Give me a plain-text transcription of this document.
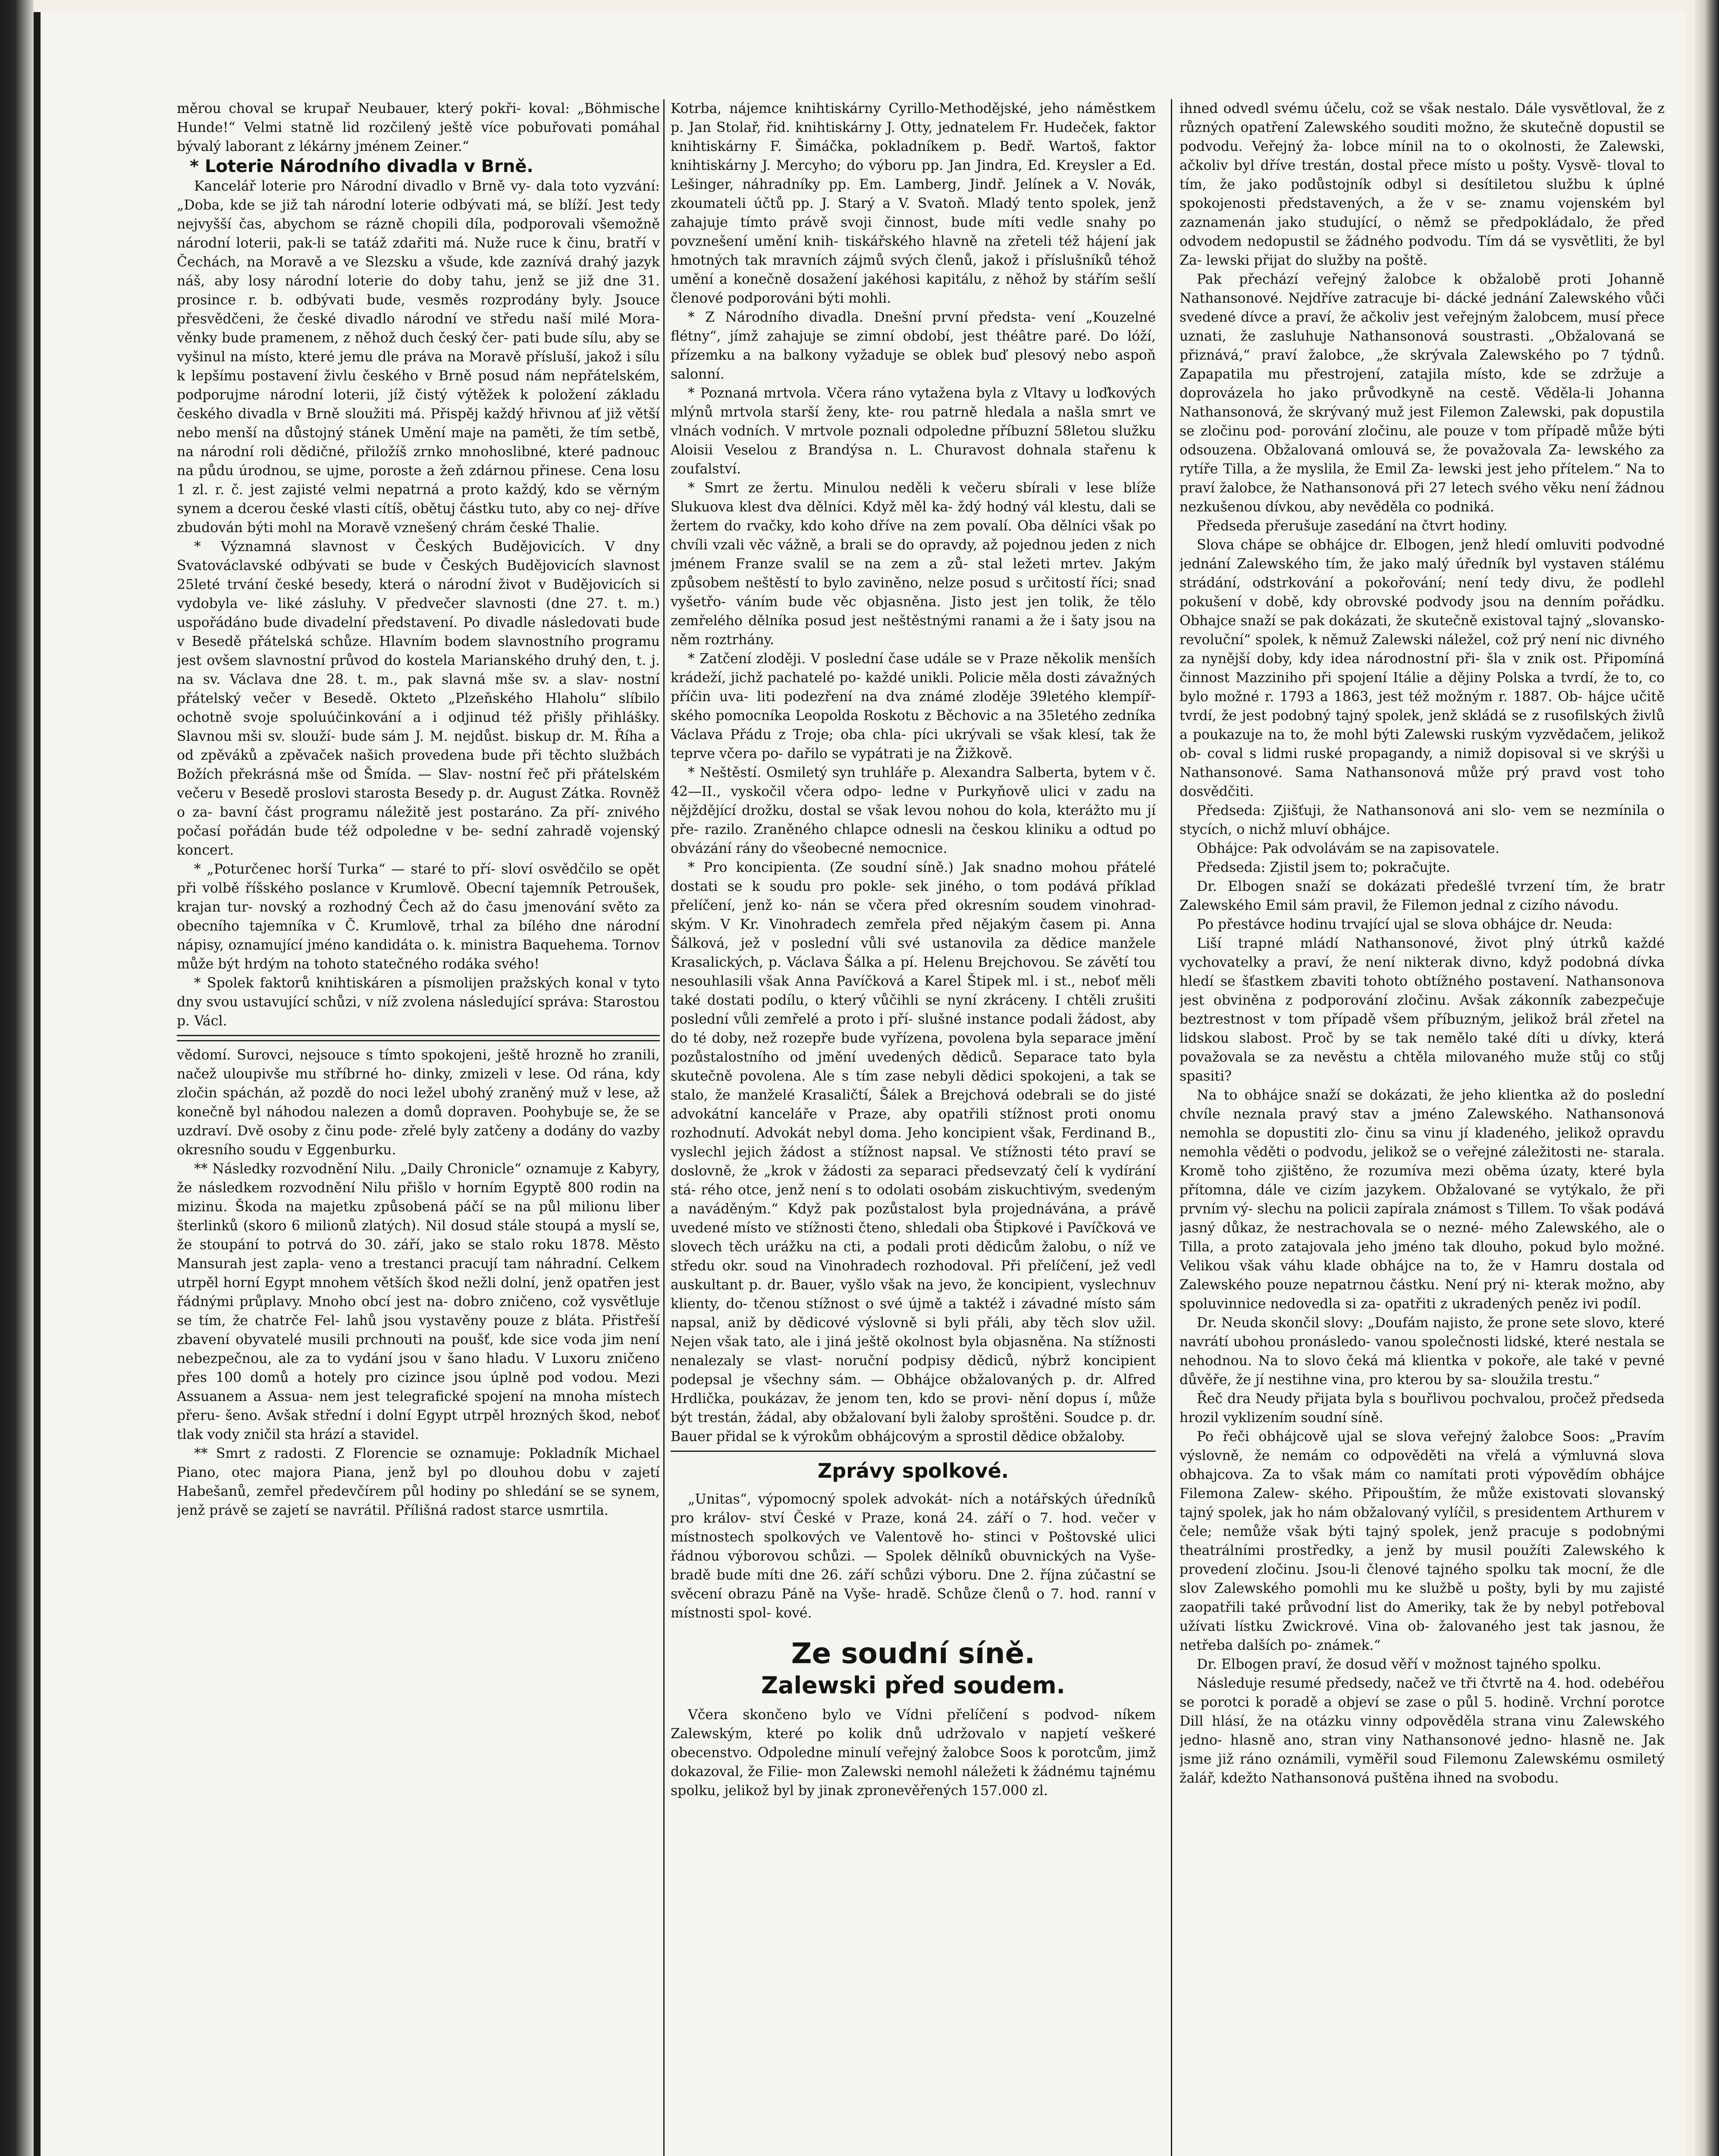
měrou choval se krupař Neubauer, který pokři- koval: „Böhmische Hunde!“ Velmi statně lid rozčilený ještě více pobuřovati pomáhal bývalý laborant z lékárny jménem Zeiner.“

* Loterie Národního divadla v Brně.

Kancelář loterie pro Národní divadlo v Brně vy- dala toto vyzvání: „Doba, kde se již tah národní loterie odbývati má, se blíží. Jest tedy nejvyšší čas, abychom se rázně chopili díla, podporovali všemožně národní loterii, pak-li se tatáž zdařiti má. Nuže ruce k činu, bratří v Čechách, na Moravě a ve Slezsku a všude, kde zaznívá drahý jazyk náš, aby losy národní loterie do doby tahu, jenž se již dne 31. prosince r. b. odbývati bude, vesměs rozprodány byly. Jsouce přesvědčeni, že české divadlo národní ve středu naší milé Mora- věnky bude pramenem, z něhož duch český čer- pati bude sílu, aby se vyšinul na místo, které jemu dle práva na Moravě přísluší, jakož i sílu k lepšímu postavení živlu českého v Brně posud nám nepřátelském, podporujme národní loterii, jíž čistý výtěžek k položení základu českého divadla v Brně sloužiti má. Přispěj každý hřivnou ať již větší nebo menší na důstojný stánek Umění maje na paměti, že tím setbě, na národní roli dědičné, přiložíš zrnko mnohoslibné, které padnouc na půdu úrodnou, se ujme, poroste a žeň zdárnou přinese. Cena losu 1 zl. r. č. jest zajisté velmi nepatrná a proto každý, kdo se věrným synem a dcerou české vlasti cítíš, obětuj částku tuto, aby co nej- dříve zbudován býti mohl na Moravě vznešený chrám české Thalie.

* Významná slavnost v Českých Budějovicích. V dny Svatováclavské odbývati se bude v Českých Budějovicích slavnost 25leté trvání české besedy, která o národní život v Budějovicích si vydobyla ve- liké zásluhy. V předvečer slavnosti (dne 27. t. m.) uspořádáno bude divadelní představení. Po divadle následovati bude v Besedě přátelská schůze. Hlavním bodem slavnostního programu jest ovšem slavnostní průvod do kostela Marianského druhý den, t. j. na sv. Václava dne 28. t. m., pak slavná mše sv. a slav- nostní přátelský večer v Besedě. Okteto „Plzeňského Hlaholu“ slíbilo ochotně svoje spoluúčinkování a i odjinud též přišly přihlášky. Slavnou mši sv. slouží- bude sám J. M. nejdůst. biskup dr. M. Říha a od zpěváků a zpěvaček našich provedena bude při těchto službách Božích překrásná mše od Šmída. — Slav- nostní řeč při přátelském večeru v Besedě proslovi starosta Besedy p. dr. August Zátka. Rovněž o za- bavní část programu náležitě jest postaráno. Za pří- znivého počasí pořádán bude též odpoledne v be- sední zahradě vojenský koncert.

* „Poturčenec horší Turka“ — staré to pří- sloví osvědčilo se opět při volbě říšského poslance v Krumlově. Obecní tajemník Petroušek, krajan tur- novský a rozhodný Čech až do času jmenování světo za obecního tajemníka v Č. Krumlově, trhal za bílého dne národní nápisy, oznamující jméno kandidáta o. k. ministra Baquehema. Tornov může být hrdým na tohoto statečného rodáka svého!

* Spolek faktorů knihtiskáren a písmolijen pražských konal v tyto dny svou ustavující schůzi, v níž zvolena následující správa: Starostou p. Václ.

vědomí. Surovci, nejsouce s tímto spokojeni, ještě hrozně ho zranili, načež uloupivše mu stříbrné ho- dinky, zmizeli v lese. Od rána, kdy zločin spáchán, až pozdě do noci ležel ubohý zraněný muž v lese, až konečně byl náhodou nalezen a domů dopraven. Poohybuje se, že se uzdraví. Dvě osoby z činu pode- zřelé byly zatčeny a dodány do vazby okresního soudu v Eggenburku.

** Následky rozvodnění Nilu. „Daily Chronicle“ oznamuje z Kabyry, že následkem rozvodnění Nilu přišlo v horním Egyptě 800 rodin na mizinu. Škoda na majetku způsobená páčí se na půl milionu liber šterlinků (skoro 6 milionů zlatých). Nil dosud stále stoupá a myslí se, že stoupání to potrvá do 30. září, jako se stalo roku 1878. Město Mansurah jest zapla- veno a trestanci pracují tam náhradní. Celkem utrpěl horní Egypt mnohem větších škod nežli dolní, jenž opatřen jest řádnými průplavy. Mnoho obcí jest na- dobro zničeno, což vysvětluje se tím, že chatrče Fel- lahů jsou vystavěny pouze z bláta. Přistřeší zbavení obyvatelé musili prchnouti na poušť, kde sice voda jim není nebezpečnou, ale za to vydání jsou v šano hladu. V Luxoru zničeno přes 100 domů a hotely pro cizince jsou úplně pod vodou. Mezi Assuanem a Assua- nem jest telegrafické spojení na mnoha místech přeru- šeno. Avšak střední i dolní Egypt utrpěl hrozných škod, neboť tlak vody zničil sta hrází a stavidel.

** Smrt z radosti. Z Florencie se oznamuje: Pokladník Michael Piano, otec majora Piana, jenž byl po dlouhou dobu v zajetí Habešanů, zemřel předevčírem půl hodiny po shledání se se synem, jenž právě se zajetí se navrátil. Přílišná radost starce usmrtila.

Kotrba, nájemce knihtiskárny Cyrillo-Methodějské, jeho náměstkem p. Jan Stolař, řid. knihtiskárny J. Otty, jednatelem Fr. Hudeček, faktor knihtiskárny F. Šimáčka, pokladníkem p. Bedř. Wartoš, faktor knihtiskárny J. Mercyho; do výboru pp. Jan Jindra, Ed. Kreysler a Ed. Lešinger, náhradníky pp. Em. Lamberg, Jindř. Jelínek a V. Novák, zkoumateli účtů pp. J. Starý a V. Svatoň. Mladý tento spolek, jenž zahajuje tímto právě svoji činnost, bude míti vedle snahy po povznešení umění knih- tiskářského hlavně na zřeteli též hájení jak hmotných tak mravních zájmů svých členů, jakož i příslušníků téhož umění a konečně dosažení jakéhosi kapitálu, z něhož by stářím sešlí členové podporováni býti mohli.

* Z Národního divadla. Dnešní první předsta- vení „Kouzelné flétny“, jímž zahajuje se zimní období, jest théâtre paré. Do lóží, přízemku a na balkony vyžaduje se oblek buď plesový nebo aspoň salonní.

* Poznaná mrtvola. Včera ráno vytažena byla z Vltavy u loďkových mlýnů mrtvola starší ženy, kte- rou patrně hledala a našla smrt ve vlnách vodních. V mrtvole poznali odpoledne příbuzní 58letou služku Aloisii Veselou z Brandýsa n. L. Churavost dohnala stařenu k zoufalství.

* Smrt ze žertu. Minulou neděli k večeru sbírali v lese blíže Slukuova klest dva dělníci. Když měl ka- ždý hodný vál klestu, dali se žertem do rvačky, kdo koho dříve na zem povalí. Oba dělníci však po chvíli vzali věc vážně, a brali se do opravdy, až pojednou jeden z nich jménem Franze svalil se na zem a zů- stal ležeti mrtev. Jakým způsobem neštěstí to bylo zaviněno, nelze posud s určitostí říci; snad vyšetřo- váním bude věc objasněna. Jisto jest jen tolik, že tělo zemřelého dělníka posud jest neštěstnými ranami a že i šaty jsou na něm roztrhány.

* Zatčení zloději. V poslední čase udále se v Praze několik menších krádeží, jichž pachatelé po- každé unikli. Policie měla dosti závažných příčin uva- liti podezření na dva známé zloděje 39letého klempíř- ského pomocníka Leopolda Roskotu z Běchovic a na 35letého zedníka Václava Přádu z Troje; oba chla- píci ukrývali se však klesí, tak že teprve včera po- dařilo se vypátrati je na Žižkově.

* Neštěstí. Osmiletý syn truhláře p. Alexandra Salberta, bytem v č. 42—II., vyskočil včera odpo- ledne v Purkyňově ulici v zadu na nějždějící drožku, dostal se však levou nohou do kola, kterážto mu jí pře- razilo. Zraněného chlapce odnesli na českou kliniku a odtud po obvázání rány do všeobecné nemocnice.

* Pro koncipienta. (Ze soudní síně.) Jak snadno mohou přátelé dostati se k soudu pro pokle- sek jiného, o tom podává příklad přelíčení, jenž ko- nán se včera před okresním soudem vinohrad- ským. V Kr. Vinohradech zemřela před nějakým časem pi. Anna Šálková, jež v poslední vůli své ustanovila za dědice manžele Krasalických, p. Václava Šálka a pí. Helenu Brejchovou. Se závětí tou nesouhlasili však Anna Pavíčková a Karel Štipek ml. i st., neboť měli také dostati podílu, o který vůčihli se nyní zkráceny. I chtěli zrušiti poslední vůli zemřelé a proto i pří- slušné instance podali žádost, aby do té doby, než rozepře bude vyřízena, povolena byla separace jmění pozůstalostního od jmění uvedených dědiců. Separace tato byla skutečně povolena. Ale s tím zase nebyli dědici spokojeni, a tak se stalo, že manželé Krasaličtí, Šálek a Brejchová odebrali se do jisté advokátní kanceláře v Praze, aby opatřili stížnost proti onomu rozhodnutí. Advokát nebyl doma. Jeho koncipient však, Ferdinand B., vyslechl jejich žádost a stížnost napsal. Ve stížnosti této praví se doslovně, že „krok v žádosti za separaci předsevzatý čelí k vydírání stá- rého otce, jenž není s to odolati osobám ziskuchtivým, svedeným a naváděným.“ Když pak pozůstalost byla projednávána, a právě uvedené místo ve stížnosti čteno, shledali oba Štipkové i Pavíčková ve slovech těch urážku na cti, a podali proti dědicům žalobu, o níž ve středu okr. soud na Vinohradech rozhodoval. Při přelíčení, jež vedl auskultant p. dr. Bauer, vyšlo však na jevo, že koncipient, vyslechnuv klienty, do- tčenou stížnost o své újmě a taktéž i závadné místo sám napsal, aniž by dědicové výslovně si byli přáli, aby těch slov užil. Nejen však tato, ale i jiná ještě okolnost byla objasněna. Na stížnosti nenalezaly se vlast- noruční podpisy dědiců, nýbrž koncipient podepsal je všechny sám. — Obhájce obžalovaných p. dr. Alfred Hrdlička, poukázav, že jenom ten, kdo se provi- nění dopus í, může být trestán, žádal, aby obžalovaní byli žaloby sproštěni. Soudce p. dr. Bauer přidal se k výrokům obhájcovým a sprostil dědice obžaloby.

Zprávy spolkové.

„Unitas“, výpomocný spolek advokát- ních a notářských úředníků pro králov- ství České v Praze, koná 24. září o 7. hod. večer v místnostech spolkových ve Valentově ho- stinci v Poštovské ulici řádnou výborovou schůzi. — Spolek dělníků obuvnických na Vyše- bradě bude míti dne 26. září schůzi výboru. Dne 2. října zúčastní se svěcení obrazu Páně na Vyše- hradě. Schůze členů o 7. hod. ranní v místnosti spol- kové.

Ze soudní síně.
Zalewski před soudem.

Včera skončeno bylo ve Vídni přelíčení s podvod- níkem Zalewským, které po kolik dnů udržovalo v napjetí veškeré obecenstvo. Odpoledne minulí veřejný žalobce Soos k porotcům, jimž dokazoval, že Filie- mon Zalewski nemohl náležeti k žádnému tajnému spolku, jelikož byl by jinak zpronevěřených 157.000 zl.

ihned odvedl svému účelu, což se však nestalo. Dále vysvětloval, že z různých opatření Zalewského souditi možno, že skutečně dopustil se podvodu. Veřejný ža- lobce mínil na to o okolnosti, že Zalewski, ačkoliv byl dříve trestán, dostal přece místo u pošty. Vysvě- tloval to tím, že jako podůstojník odbyl si desítiletou službu k úplné spokojenosti představených, a že v se- znamu vojenském byl zaznamenán jako studující, o němž se předpokládalo, že před odvodem nedopustil se žádného podvodu. Tím dá se vysvětliti, že byl Za- lewski přijat do služby na poště.

Pak přechází veřejný žalobce k obžalobě proti Johanně Nathansonové. Nejdříve zatracuje bi- dácké jednání Zalewského vůči svedené dívce a praví, že ačkoliv jest veřejným žalobcem, musí přece uznati, že zasluhuje Nathansonová soustrasti. „Obžalovaná se přiznává,“ praví žalobce, „že skrývala Zalewského po 7 týdnů. Zapapatila mu přestrojení, zatajila místo, kde se zdržuje a doprovázela ho jako průvodkyně na cestě. Věděla-li Johanna Nathansonová, že skrývaný muž jest Filemon Zalewski, pak dopustila se zločinu pod- porování zločinu, ale pouze v tom případě může býti odsouzena. Obžalovaná omlouvá se, že považovala Za- lewského za rytíře Tilla, a že myslila, že Emil Za- lewski jest jeho přítelem.“ Na to praví žalobce, že Nathansonová při 27 letech svého věku není žádnou nezkušenou dívkou, aby nevěděla co podniká.

Předseda přerušuje zasedání na čtvrt hodiny.

Slova chápe se obhájce dr. Elbogen, jenž hledí omluviti podvodné jednání Zalewského tím, že jako malý úředník byl vystaven stálému strádání, odstrkování a pokořování; není tedy divu, že podlehl pokušení v době, kdy obrovské podvody jsou na denním pořádku. Obhajce snaží se pak dokázati, že skutečně existoval tajný „slovansko-revoluční“ spolek, k němuž Zalewski náležel, což prý není nic divného za nynější doby, kdy idea národnostní při- šla v znik ost. Připomíná činnost Mazziniho při spojení Itálie a dějiny Polska a tvrdí, že to, co bylo možné r. 1793 a 1863, jest též možným r. 1887. Ob- hájce učitě tvrdí, že jest podobný tajný spolek, jenž skládá se z rusofilských živlů a poukazuje na to, že mohl býti Zalewski ruským vyzvědačem, jelikož ob- coval s lidmi ruské propagandy, a nimiž dopisoval si ve skrýši u Nathansonové. Sama Nathansonová může prý pravd vost toho dosvědčiti.

Předseda: Zjišťuji, že Nathansonová ani slo- vem se nezmínila o stycích, o nichž mluví obhájce.

Obhájce: Pak odvolávám se na zapisovatele.

Předseda: Zjistil jsem to; pokračujte.

Dr. Elbogen snaží se dokázati předešlé tvrzení tím, že bratr Zalewského Emil sám pravil, že Filemon jednal z cizího návodu.

Po přestávce hodinu trvající ujal se slova obhájce dr. Neuda:

Liší trapné mládí Nathansonové, život plný útrků každé vychovatelky a praví, že není nikterak divno, když podobná dívka hledí se šťastkem zbaviti tohoto obtížného postavení. Nathansonova jest obviněna z podporování zločinu. Avšak zákonník zabezpečuje beztrestnost v tom případě všem příbuzným, jelikož brál zřetel na lidskou slabost. Proč by se tak nemělo také díti u dívky, která považovala se za nevěstu a chtěla milovaného muže stůj co stůj spasiti?

Na to obhájce snaží se dokázati, že jeho klientka až do poslední chvíle neznala pravý stav a jméno Zalewského. Nathansonová nemohla se dopustiti zlo- činu sa vinu jí kladeného, jelikož opravdu nemohla věděti o podvodu, jelikož se o veřejné záležitosti ne- starala. Kromě toho zjištěno, že rozumíva mezi oběma úzaty, které byla přítomna, dále ve cizím jazykem. Obžalované se vytýkalo, že při prvním vý- slechu na policii zapírala známost s Tillem. To však podává jasný důkaz, že nestrachovala se o nezné- mého Zalewského, ale o Tilla, a proto zatajovala jeho jméno tak dlouho, pokud bylo možné. Velikou však váhu klade obhájce na to, že v Hamru dostala od Zalewského pouze nepatrnou částku. Není prý ni- kterak možno, aby spoluvinnice nedovedla si za- opatřiti z ukradených peněz ivi podíl.

Dr. Neuda skončil slovy: „Doufám najisto, že prone sete slovo, které navrátí ubohou pronásledo- vanou společnosti lidské, které nestala se nehodnou. Na to slovo čeká má klientka v pokoře, ale také v pevné důvěře, že jí nestihne vina, pro kterou by sa- sloužila trestu.“

Řeč dra Neudy přijata byla s bouřlivou pochvalou, pročež předseda hrozil vyklizením soudní síně.

Po řeči obhájcově ujal se slova veřejný žalobce Soos: „Pravím výslovně, že nemám co odpověděti na vřelá a výmluvná slova obhajcova. Za to však mám co namítati proti výpovědím obhájce Filemona Zalew- ského. Připouštím, že může existovati slovanský tajný spolek, jak ho nám obžalovaný vylíčil, s presidentem Arthurem v čele; nemůže však býti tajný spolek, jenž pracuje s podobnými theatrálními prostředky, a jenž by musil použíti Zalewského k provedení zločinu. Jsou-li členové tajného spolku tak mocní, že dle slov Zalewského pomohli mu ke službě u pošty, byli by mu zajisté zaopatřili také průvodní list do Ameriky, tak že by nebyl potřeboval užívati lístku Zwickrové. Vina ob- žalovaného jest tak jasnou, že netřeba dalších po- známek.“

Dr. Elbogen praví, že dosud věří v možnost tajného spolku.

Následuje resumé předsedy, načež ve tři čtvrtě na 4. hod. odebéřou se porotci k poradě a objeví se zase o půl 5. hodině. Vrchní porotce Dill hlásí, že na otázku vinny odpověděla strana vinu Zalewského jedno- hlasně ano, stran viny Nathansonové jedno- hlasně ne. Jak jsme již ráno oznámili, vyměřil soud Filemonu Zalewskému osmiletý žalář, kdežto Nathansonová puštěna ihned na svobodu.
